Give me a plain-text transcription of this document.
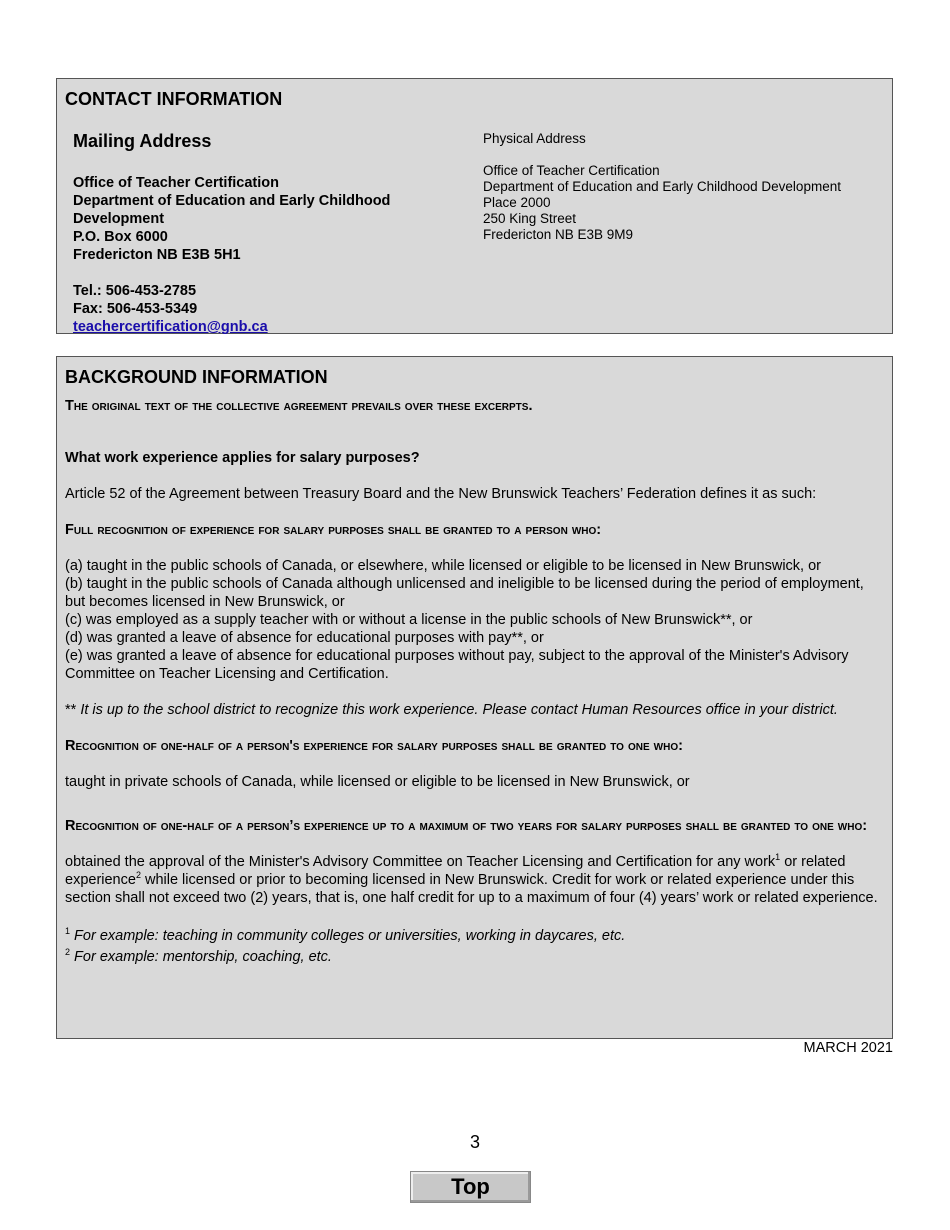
CONTACT INFORMATION
Mailing Address
Office of Teacher Certification
Department of Education and Early Childhood Development
P.O. Box 6000
Fredericton NB E3B 5H1
Tel.: 506-453-2785
Fax: 506-453-5349
teachercertification@gnb.ca
Physical Address
Office of Teacher Certification
Department of Education and Early Childhood Development
Place 2000
250 King Street
Fredericton NB E3B 9M9
BACKGROUND INFORMATION

The original text of the collective agreement prevails over these excerpts.

What work experience applies for salary purposes?

Article 52 of the Agreement between Treasury Board and the New Brunswick Teachers’ Federation defines it as such:

Full recognition of experience for salary purposes shall be granted to a person who:

(a) taught in the public schools of Canada, or elsewhere, while licensed or eligible to be licensed in New Brunswick, or

(b) taught in the public schools of Canada although unlicensed and ineligible to be licensed during the period of employment, but becomes licensed in New Brunswick, or

(c) was employed as a supply teacher with or without a license in the public schools of New Brunswick**, or

(d) was granted a leave of absence for educational purposes with pay**, or

(e) was granted a leave of absence for educational purposes without pay, subject to the approval of the Minister's Advisory Committee on Teacher Licensing and Certification.

** It is up to the school district to recognize this work experience. Please contact Human Resources office in your district.

Recognition of one-half of a person's experience for salary purposes shall be granted to one who:

taught in private schools of Canada, while licensed or eligible to be licensed in New Brunswick, or

Recognition of one-half of a person’s experience up to a maximum of two years for salary purposes shall be granted to one who:

obtained the approval of the Minister's Advisory Committee on Teacher Licensing and Certification for any work$^1$ or related experience$^2$ while licensed or prior to becoming licensed in New Brunswick. Credit for work or related experience under this section shall not exceed two (2) years, that is, one half credit for up to a maximum of four (4) years’ work or related experience.

$^1$ For example: teaching in community colleges or universities, working in daycares, etc.

$^2$ For example: mentorship, coaching, etc.

MARCH 2021
3
Top
